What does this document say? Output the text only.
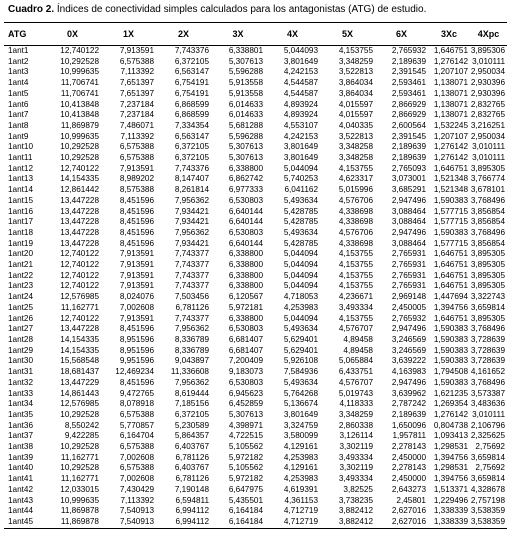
Cuadro 2. Índices de conectividad simples calculados para los antagonistas (ATG) de estudio.
ATG	0X	1X	2X	3X	4X	5X	6X	3Xc	4Xpc
1ant1	12,740122	7,913591	7,743376	6,338801	5,044093	4,153755	2,765932	1,646751	3,895306
1ant2	10,292528	6,575388	6,372105	5,307613	3,801649	3,348259	2,189639	1,276142	3,010111
1ant3	10,999635	7,113392	6,563147	5,596288	4,242153	3,522813	2,391545	1,207107	2,950034
1ant4	11,706741	7,651397	6,754191	5,913558	4,544587	3,864034	2,593461	1,138071	2,930396
1ant5	11,706741	7,651397	6,754191	5,913558	4,544587	3,864034	2,593461	1,138071	2,930396
1ant6	10,413848	7,237184	6,868599	6,014633	4,893924	4,015597	2,866929	1,138071	2,832765
1ant7	10,413848	7,237184	6,868599	6,014633	4,893924	4,015597	2,866929	1,138071	2,832765
1ant8	11,869879	7,486071	7,334354	5,681288	4,553107	4,040335	2,600564	1,532245	3,216251
1ant9	10,999635	7,113392	6,563147	5,596288	4,242153	3,522813	2,391545	1,207107	2,950034
1ant10	10,292528	6,575388	6,372105	5,307613	3,801649	3,348258	2,189639	1,276142	3,010111
1ant11	10,292528	6,575388	6,372105	5,307613	3,801649	3,348258	2,189639	1,276142	3,010111
1ant12	12,740122	7,913591	7,743376	6,338800	5,044094	4,153755	2,765093	1,646751	3,895305
1ant13	14,154335	8,989202	8,147407	6,862742	5,740253	4,623317	3,073001	1,521348	3,766774
1ant14	12,861442	8,575388	8,261814	6,977333	6,041162	5,015996	3,685291	1,521348	3,678101
1ant15	13,447228	8,451596	7,956362	6,530803	5,493634	4,576706	2,947496	1,590383	3,768496
1ant16	13,447228	8,451596	7,934421	6,640144	5,428785	4,338698	3,088464	1,577715	3,856854
1ant17	13,447228	8,451596	7,934421	6,640144	5,428785	4,338698	3,088464	1,577715	3,856854
1ant18	13,447228	8,451596	7,956362	6,530803	5,493634	4,576706	2,947496	1,590383	3,768496
1ant19	13,447228	8,451596	7,934421	6,640144	5,428785	4,338698	3,088464	1,577715	3,856854
1ant20	12,740122	7,913591	7,743377	6,338800	5,044094	4,153755	2,765931	1,646751	3,895305
1ant21	12,740122	7,913591	7,743377	6,338800	5,044094	4,153755	2,765931	1,646751	3,895305
1ant22	12,740122	7,913591	7,743377	6,338800	5,044094	4,153755	2,765931	1,646751	3,895305
1ant23	12,740122	7,913591	7,743377	6,338800	5,044094	4,153755	2,765931	1,646751	3,895305
1ant24	12,576985	8,024076	7,503456	6,120567	4,718053	4,236671	2,969148	1,447694	3,322743
1ant25	11,162771	7,002608	6,781126	5,972181	4,253983	3,493334	2,450005	1,394756	3,659814
1ant26	12,740122	7,913591	7,743377	6,338800	5,044094	4,153755	2,765932	1,646751	3,895305
1ant27	13,447228	8,451596	7,956362	6,530803	5,493634	4,576707	2,947496	1,590383	3,768496
1ant28	14,154335	8,951596	8,336789	6,681407	5,629401	4,89458	3,246569	1,590383	3,728639
1ant29	14,154335	8,951596	8,336789	6,681407	5,629401	4,89458	3,246569	1,590383	3,728639
1ant30	15,568548	9,951596	9,043897	7,200409	5,926108	5,065884	3,639222	1,590383	3,728639
1ant31	18,681437	12,469234	11,336608	9,183073	7,584936	6,433751	4,163983	1,794508	4,161652
1ant32	13,447229	8,451596	7,956362	6,530803	5,493634	4,576707	2,947496	1,590383	3,768496
1ant33	14,861443	9,472765	8,619444	6,945623	5,764268	5,019743	3,639962	1,621235	3,573387
1ant34	12,576985	8,078918	7,185156	6,452859	5,136674	4,118333	2,787242	1,269354	3,483636
1ant35	10,292528	6,575388	6,372105	5,307613	3,801649	3,348259	2,189639	1,276142	3,010111
1ant36	8,550242	5,770857	5,230589	4,398971	3,324759	2,860338	1,650096	0,804738	2,106796
1ant37	9,422285	6,164704	5,864357	4,722515	3,580099	3,126114	1,957811	1,093413	2,325625
1ant38	10,292528	6,575388	6,403767	5,105562	4,129161	3,302119	2,278143	1,298531	2,75692
1ant39	11,162771	7,002608	6,781126	5,972182	4,253983	3,493334	2,450000	1,394756	3,659814
1ant40	10,292528	6,575388	6,403767	5,105562	4,129161	3,302119	2,278143	1,298531	2,75692
1ant41	11,162771	7,002608	6,781126	5,972182	4,253983	3,493334	2,450000	1,394756	3,659814
1ant42	12,033015	7,430429	7,190148	6,647975	4,619391	3,82525	2,643273	1,513371	4,328678
1ant43	10,999635	7,113392	6,594811	5,435501	4,361153	3,738235	2,45801	1,229496	2,757198
1ant44	11,869878	7,540913	6,994112	6,164184	4,712719	3,882412	2,627016	1,338339	3,538359
1ant45	11,869878	7,540913	6,994112	6,164184	4,712719	3,882412	2,627016	1,338339	3,538359
